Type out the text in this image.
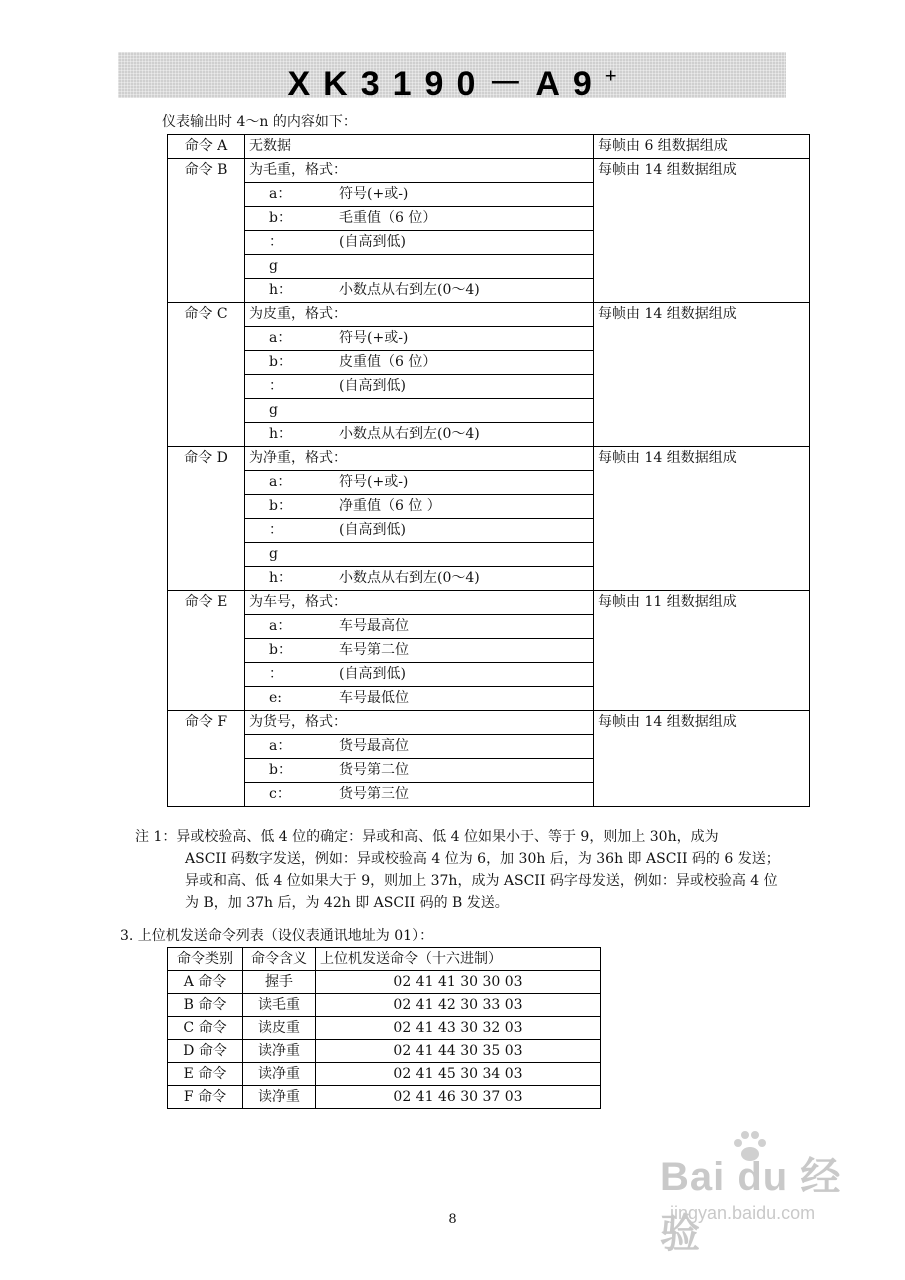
XK3190－A9+
仪表输出时 4～n 的内容如下：
命令 A	无数据	每帧由 6 组数据组成
命令 B	为毛重，格式：	每帧由 14 组数据组成
	a： 符号(+或-)	
	b： 毛重值（6 位）	
	： (自高到低)	
	g	
	h： 小数点从右到左(0～4)	
命令 C	为皮重，格式：	每帧由 14 组数据组成
	a： 符号(+或-)	
	b： 皮重值（6 位）	
	： (自高到低)	
	g	
	h： 小数点从右到左(0～4)	
命令 D	为净重，格式：	每帧由 14 组数据组成
	a： 符号(+或-)	
	b： 净重值（6 位 ）	
	： (自高到低)	
	g	
	h： 小数点从右到左(0～4)	
命令 E	为车号，格式：	每帧由 11 组数据组成
	a： 车号最高位	
	b： 车号第二位	
	： (自高到低)	
	e: 车号最低位	
命令 F	为货号，格式：	每帧由 14 组数据组成
	a： 货号最高位	
	b： 货号第二位	
	c： 货号第三位	
注 1：异或校验高、低 4 位的确定：异或和高、低 4 位如果小于、等于 9，则加上 30h，成为
ASCII 码数字发送，例如：异或校验高 4 位为 6，加 30h 后，为 36h 即 ASCII 码的 6 发送；异或和高、低 4 位如果大于 9，则加上 37h，成为 ASCII 码字母发送，例如：异或校验高 4 位为 B，加 37h 后，为 42h 即 ASCII 码的 B 发送。
3. 上位机发送命令列表（设仪表通讯地址为 01）：
命令类别	命令含义	上位机发送命令（十六进制）
A 命令	握手	02 41 41 30 30 03
B 命令	读毛重	02 41 42 30 33 03
C 命令	读皮重	02 41 43 30 32 03
D 命令	读净重	02 41 44 30 35 03
E 命令	读净重	02 41 45 30 34 03
F 命令	读净重	02 41 46 30 37 03
8
Bai du 经验
jingyan.baidu.com
